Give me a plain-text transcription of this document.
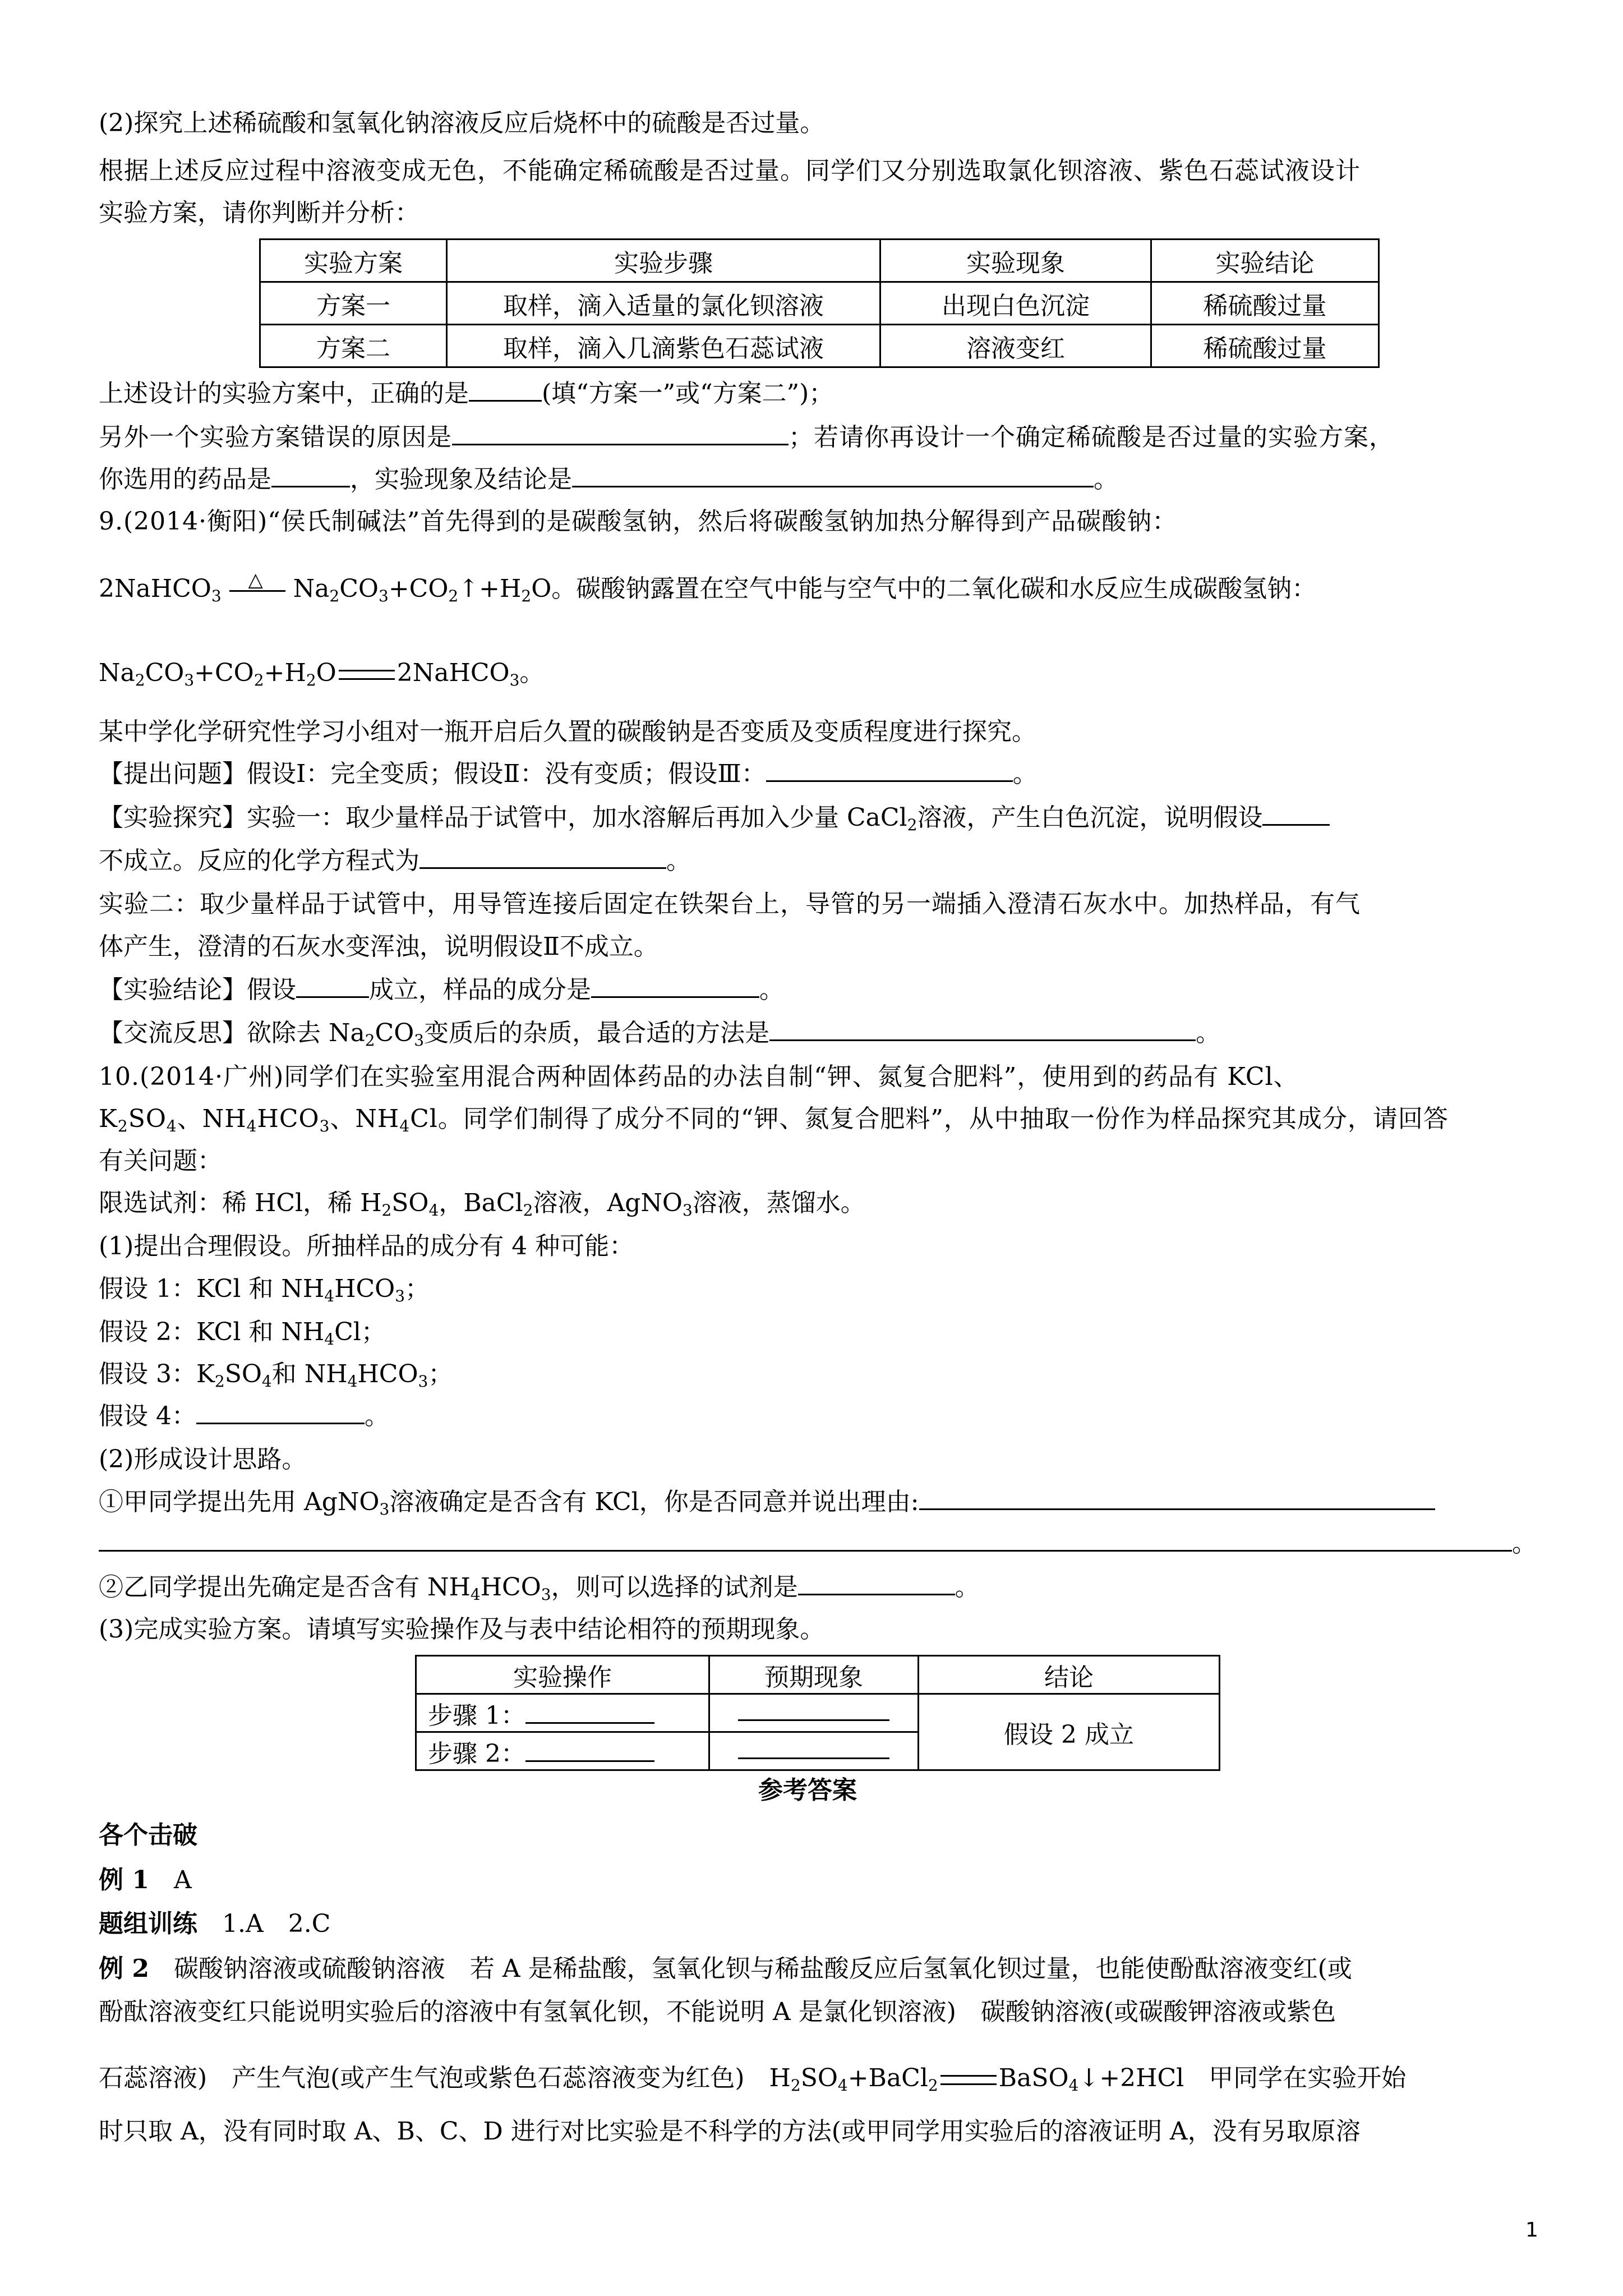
(2)探究上述稀硫酸和氢氧化钠溶液反应后烧杯中的硫酸是否过量。
根据上述反应过程中溶液变成无色，不能确定稀硫酸是否过量。同学们又分别选取氯化钡溶液、紫色石蕊试液设计
实验方案，请你判断并分析：
实验方案	实验步骤	实验现象	实验结论
方案一	取样，滴入适量的氯化钡溶液	出现白色沉淀	稀硫酸过量
方案二	取样，滴入几滴紫色石蕊试液	溶液变红	稀硫酸过量
上述设计的实验方案中，正确的是	(填“方案一”或“方案二”)；
另外一个实验方案错误的原因是	；若请你再设计一个确定稀硫酸是否过量的实验方案，
你选用的药品是	，实验现象及结论是	。
9.(2014·衡阳)“侯氏制碱法”首先得到的是碳酸氢钠，然后将碳酸氢钠加热分解得到产品碳酸钠：
2NaHCO$_3$
△ $Na_2CO_3+CO_2↑+H_2O$。碳酸钠露置在空气中能与空气中的二氧化碳和水反应生成碳酸氢钠：
$Na_2CO_3+CO_2+H_2O$ 2NaHCO$_3$。
某中学化学研究性学习小组对一瓶开启后久置的碳酸钠是否变质及变质程度进行探究。
【提出问题】假设Ⅰ：完全变质；假设Ⅱ：没有变质；假设Ⅲ：	。
【实验探究】实验一：取少量样品于试管中，加水溶解后再加入少量 CaCl$_2$溶液，产生白色沉淀，说明假设
不成立。反应的化学方程式为	。
实验二：取少量样品于试管中，用导管连接后固定在铁架台上，导管的另一端插入澄清石灰水中。加热样品，有气
体产生，澄清的石灰水变浑浊，说明假设Ⅱ不成立。
【实验结论】假设	成立，样品的成分是	。
【交流反思】欲除去 $Na_2CO_3$变质后的杂质，最合适的方法是	。
10.(2014·广州)同学们在实验室用混合两种固体药品的办法自制“钾、氮复合肥料”，使用到的药品有 KCl、
$K_2SO_4$、$NH_4HCO_3$、$NH_4Cl$。同学们制得了成分不同的“钾、氮复合肥料”，从中抽取一份作为样品探究其成分，请回答
有关问题：
限选试剂：稀 HCl，稀 $H_2SO_4$，BaCl$_2$溶液，AgNO$_3$溶液，蒸馏水。
(1)提出合理假设。所抽样品的成分有 4 种可能：
假设 1：KCl 和 $NH_4HCO_3$；
假设 2：KCl 和 $NH_4Cl$；
假设 3：$K_2SO_4$和 $NH_4HCO_3$；
假设 4：	。
(2)形成设计思路。
①甲同学提出先用 AgNO$_3$溶液确定是否含有 KCl，你是否同意并说出理由:
。
②乙同学提出先确定是否含有 $NH_4HCO_3$，则可以选择的试剂是	。
(3)完成实验方案。请填写实验操作及与表中结论相符的预期现象。
实验操作	预期现象	结论
步骤 1：		假设 2 成立
步骤 2：		
参考答案
各个击破
例 1　 A
题组训练　 1.A　2.C
例 2　 碳酸钠溶液或硫酸钠溶液　若 A 是稀盐酸，氢氧化钡与稀盐酸反应后氢氧化钡过量，也能使酚酞溶液变红(或
酚酞溶液变红只能说明实验后的溶液中有氢氧化钡，不能说明 A 是氯化钡溶液)　碳酸钠溶液(或碳酸钾溶液或紫色
石蕊溶液)　产生气泡(或产生气泡或紫色石蕊溶液变为红色)　$H_2SO_4+BaCl_2$ BaSO$_4$↓+2HCl　甲同学在实验开始
时只取 A，没有同时取 A、B、C、D 进行对比实验是不科学的方法(或甲同学用实验后的溶液证明 A，没有另取原溶
1
